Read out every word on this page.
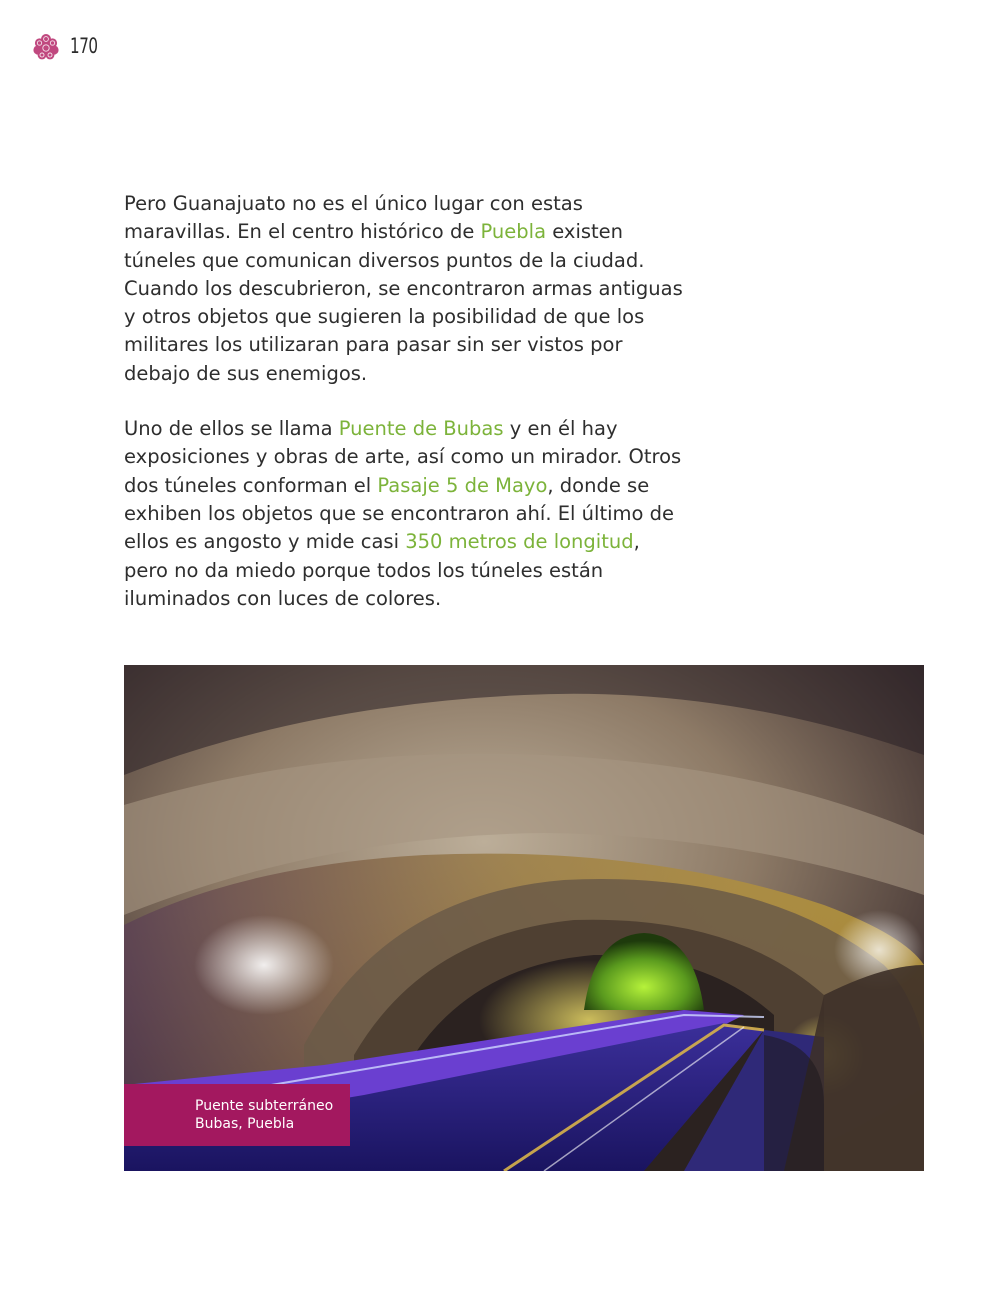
170

Pero Guanajuato no es el único lugar con estas maravillas. En el centro histórico de Puebla existen túneles que comunican diversos puntos de la ciudad. Cuando los descubrieron, se encontraron armas antiguas y otros objetos que sugieren la posibilidad de que los militares los utilizaran para pasar sin ser vistos por debajo de sus enemigos.

Uno de ellos se llama Puente de Bubas y en él hay exposiciones y obras de arte, así como un mirador. Otros dos túneles conforman el Pasaje 5 de Mayo, donde se exhiben los objetos que se encontraron ahí. El último de ellos es angosto y mide casi 350 metros de longitud, pero no da miedo porque todos los túneles están iluminados con luces de colores.

Puente subterráneo
Bubas, Puebla
